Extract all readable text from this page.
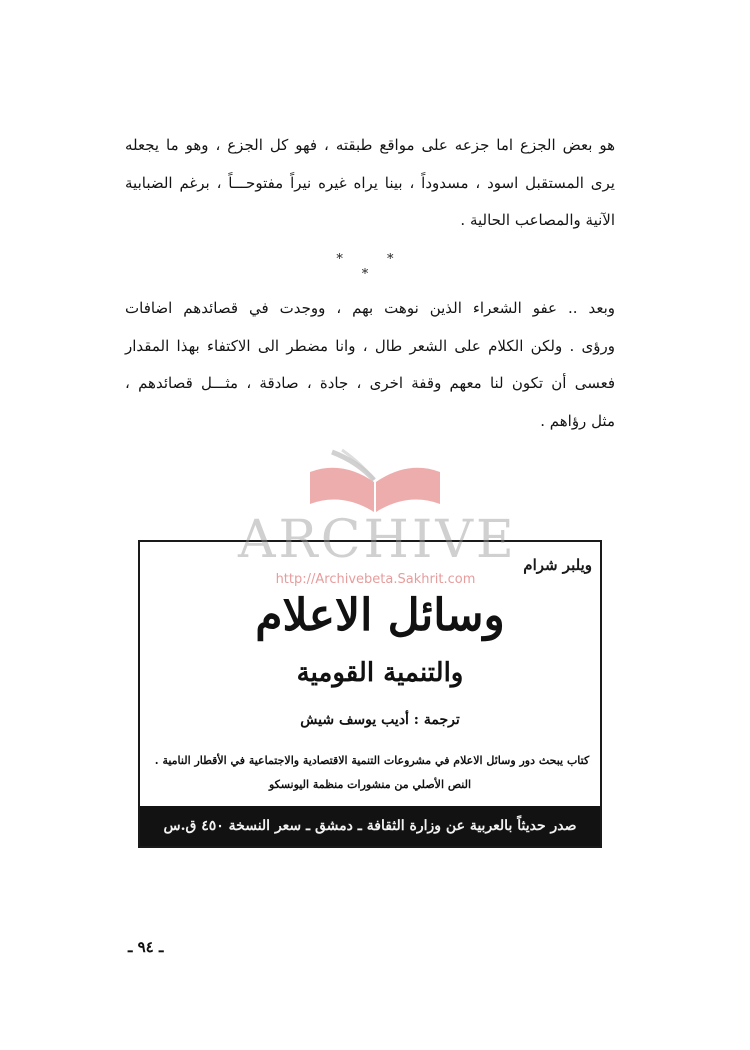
هو بعض الجزع اما جزعه على مواقع طبقته ، فهو كل الجزع ، وهو ما يجعله
يرى المستقبل اسود ، مسدوداً ، بينا يراه غيره نيراً مفتوحـــاً ، برغم الضبابية
الآنية والمصاعب الحالية .
* * *
وبعد .. عفو الشعراء الذين نوهت بهم ، ووجدت في قصائدهم اضافات
ورؤى . ولكن الكلام على الشعر طال ، وانا مضطر الى الاكتفاء بهذا المقدار
فعسى أن تكون لنا معهم وقفة اخرى ، جادة ، صادقة ، مثـــل قصائدهم ،
مثل رؤاهم .
ويلبر شرام
وسائل الاعلام
والتنمية القومية
ترجمة : أديب يوسف شيش
كتاب يبحث دور وسائل الاعلام في مشروعات التنمية الاقتصادية والاجتماعية في الأقطار النامية .
النص الأصلي من منشورات منظمة اليونسكو
صدر حديثاً بالعربية عن وزارة الثقافة ـ دمشق ـ سعر النسخة ٤٥٠ ق.س
ARCHIVE
http://Archivebeta.Sakhrit.com
ـ ٩٤ ـ
